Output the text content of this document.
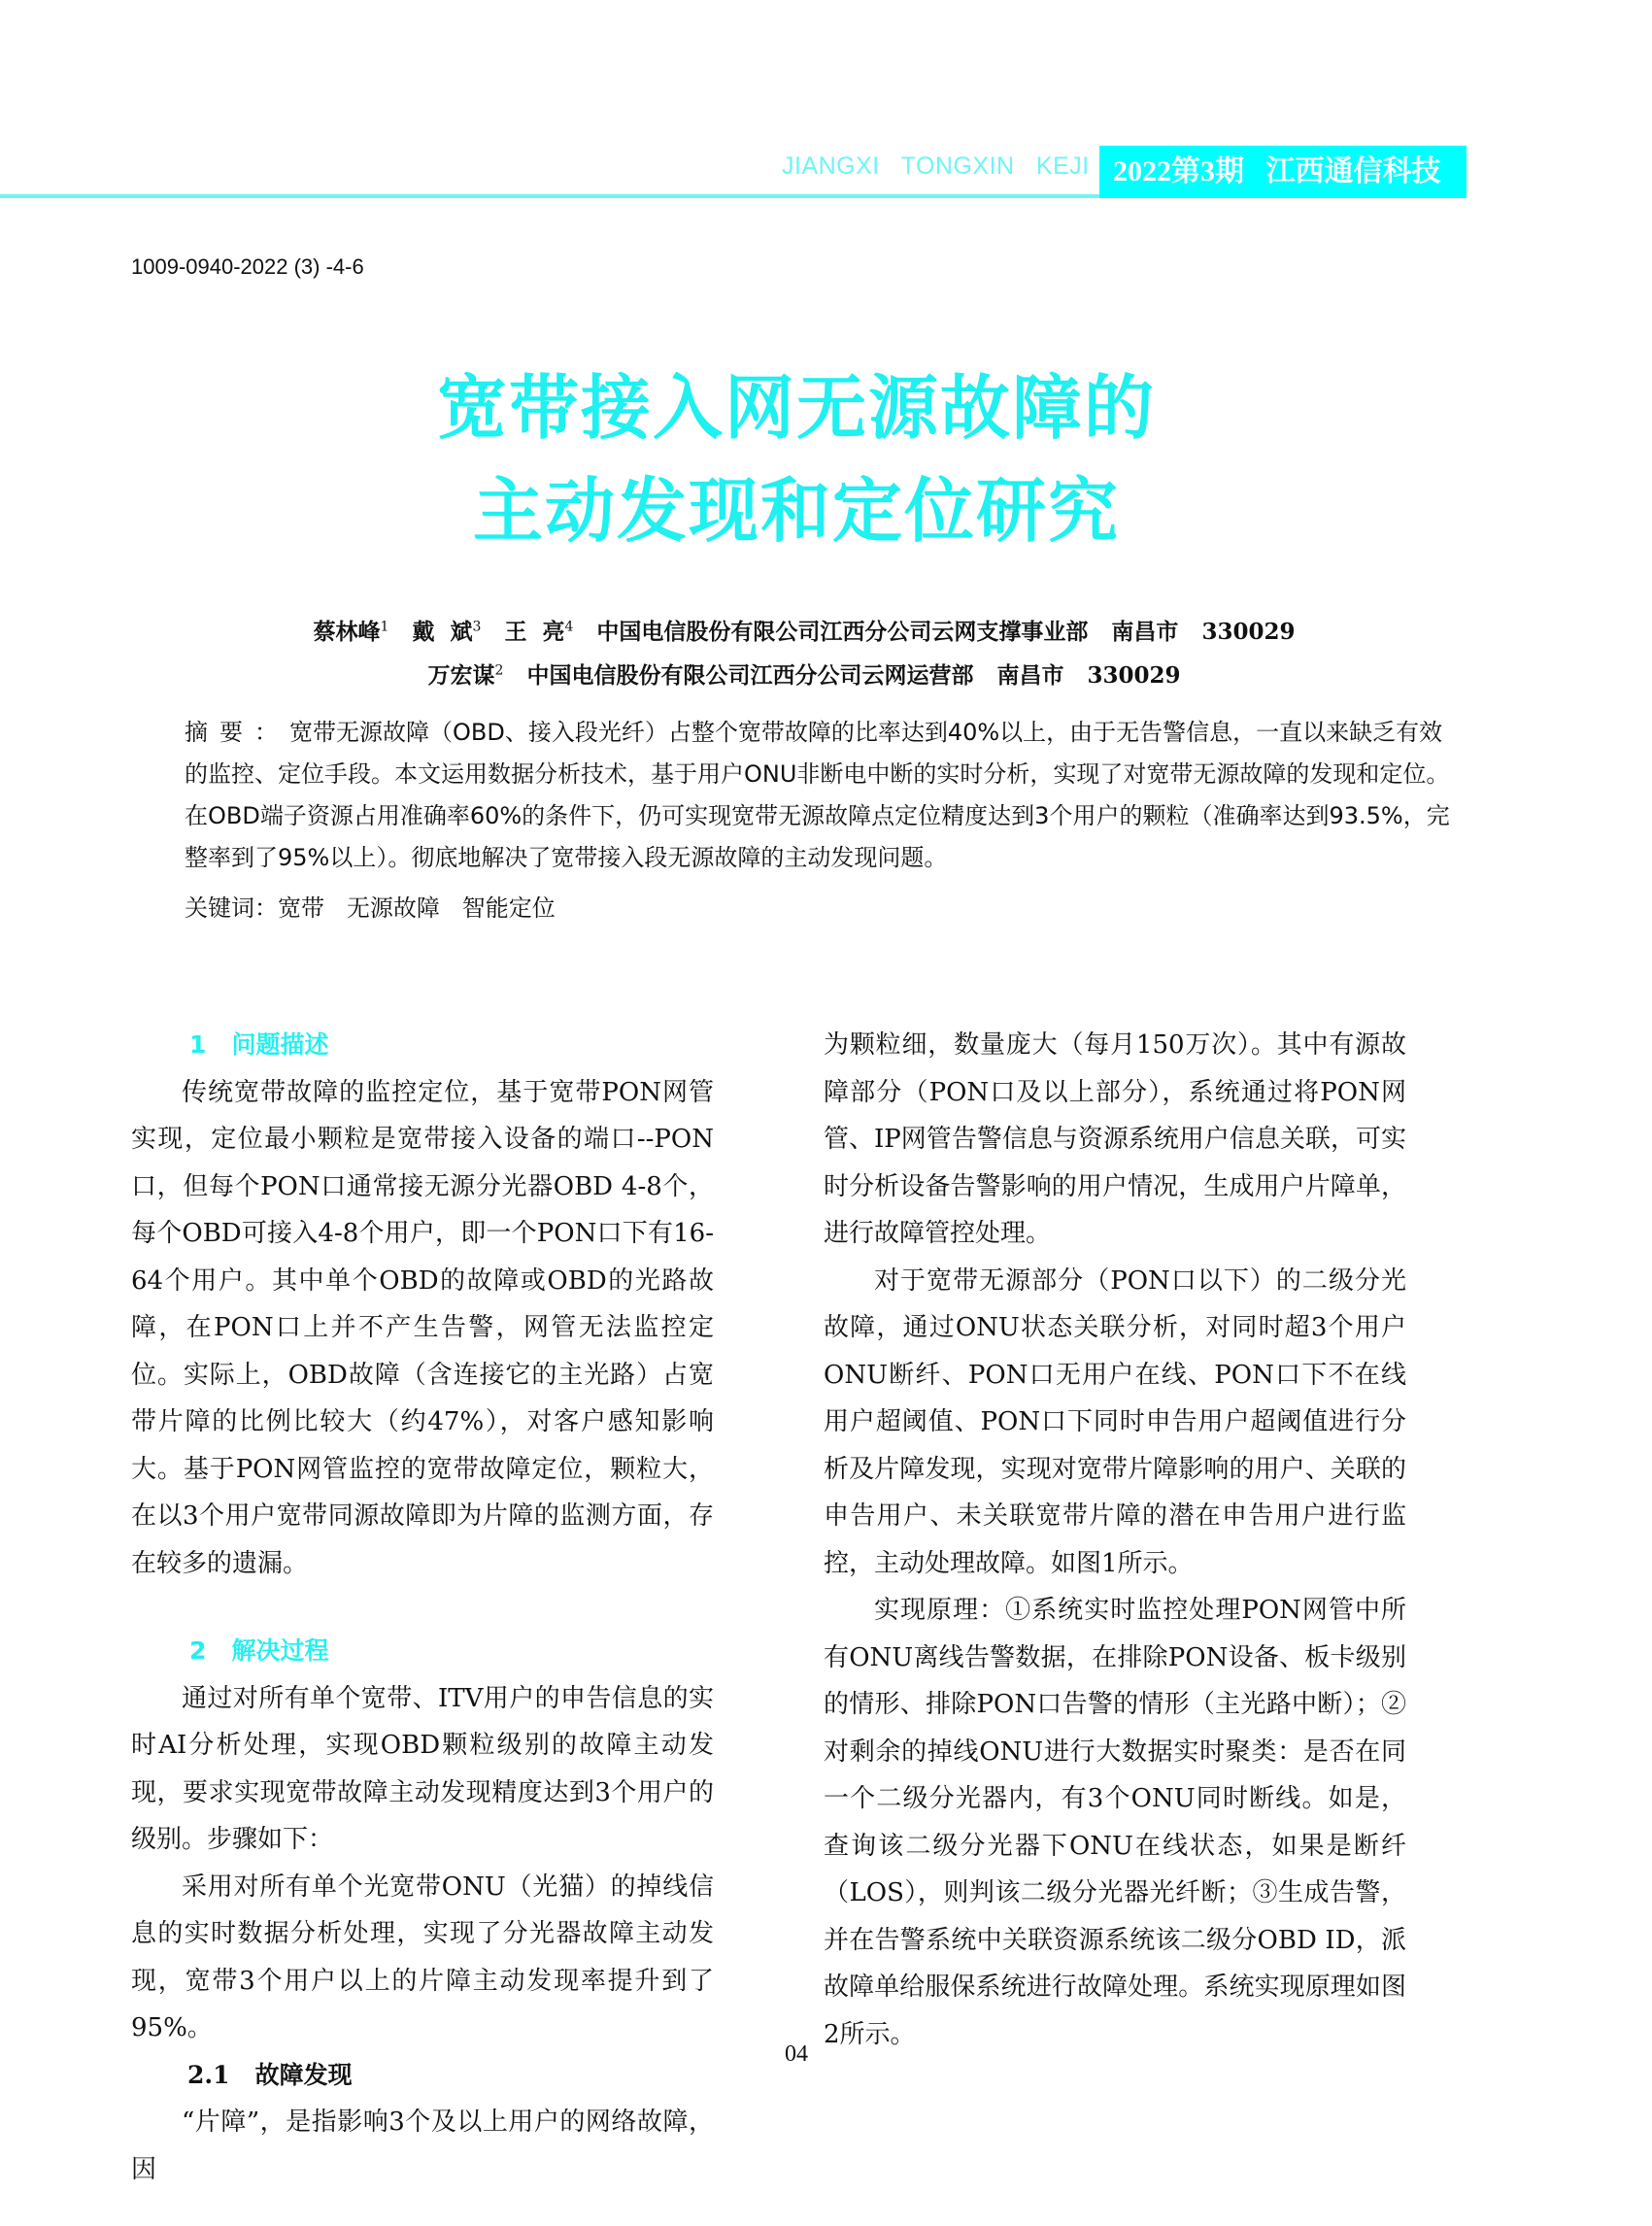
JIANGXI   TONGXIN   KEJI 2022第3期   江西通信科技
1009-0940-2022 (3) -4-6
宽带接入网无源故障的
主动发现和定位研究

蔡林峰$^1$ 戴  斌$^3$ 王  亮$^4$ 中国电信股份有限公司江西分公司云网支撑事业部   南昌市   330029

万宏谋$^2$ 中国电信股份有限公司江西分公司云网运营部   南昌市   330029

摘要：宽带无源故障（OBD、接入段光纤）占整个宽带故障的比率达到40%以上，由于无告警信息，一直以来缺乏有效的监控、定位手段。本文运用数据分析技术，基于用户ONU非断电中断的实时分析，实现了对宽带无源故障的发现和定位。在OBD端子资源占用准确率60%的条件下，仍可实现宽带无源故障点定位精度达到3个用户的颗粒（准确率达到93.5%，完整率到了95%以上）。彻底地解决了宽带接入段无源故障的主动发现问题。
关键词：宽带 无源故障 智能定位

1   问题描述

传统宽带故障的监控定位，基于宽带PON网管实现，定位最小颗粒是宽带接入设备的端口--PON口，但每个PON口通常接无源分光器OBD 4-8个，每个OBD可接入4-8个用户，即一个PON口下有16-64个用户。其中单个OBD的故障或OBD的光路故障，在PON口上并不产生告警，网管无法监控定位。实际上，OBD故障（含连接它的主光路）占宽带片障的比例比较大（约47%），对客户感知影响大。基于PON网管监控的宽带故障定位，颗粒大，在以3个用户宽带同源故障即为片障的监测方面，存在较多的遗漏。

2   解决过程

通过对所有单个宽带、ITV用户的申告信息的实时AI分析处理，实现OBD颗粒级别的故障主动发现，要求实现宽带故障主动发现精度达到3个用户的级别。步骤如下：

采用对所有单个光宽带ONU（光猫）的掉线信息的实时数据分析处理，实现了分光器故障主动发现，宽带3个用户以上的片障主动发现率提升到了95%。

2.1   故障发现

“片障”，是指影响3个及以上用户的网络故障，因

为颗粒细，数量庞大（每月150万次）。其中有源故障部分（PON口及以上部分），系统通过将PON网管、IP网管告警信息与资源系统用户信息关联，可实时分析设备告警影响的用户情况，生成用户片障单，进行故障管控处理。

对于宽带无源部分（PON口以下）的二级分光故障，通过ONU状态关联分析，对同时超3个用户ONU断纤、PON口无用户在线、PON口下不在线用户超阈值、PON口下同时申告用户超阈值进行分析及片障发现，实现对宽带片障影响的用户、关联的申告用户、未关联宽带片障的潜在申告用户进行监控，主动处理故障。如图1所示。

实现原理：①系统实时监控处理PON网管中所有ONU离线告警数据，在排除PON设备、板卡级别的情形、排除PON口告警的情形（主光路中断）；②对剩余的掉线ONU进行大数据实时聚类：是否在同一个二级分光器内，有3个ONU同时断线。如是，查询该二级分光器下ONU在线状态，如果是断纤（LOS），则判该二级分光器光纤断；③生成告警，并在告警系统中关联资源系统该二级分OBD ID，派故障单给服保系统进行故障处理。系统实现原理如图2所示。

04
